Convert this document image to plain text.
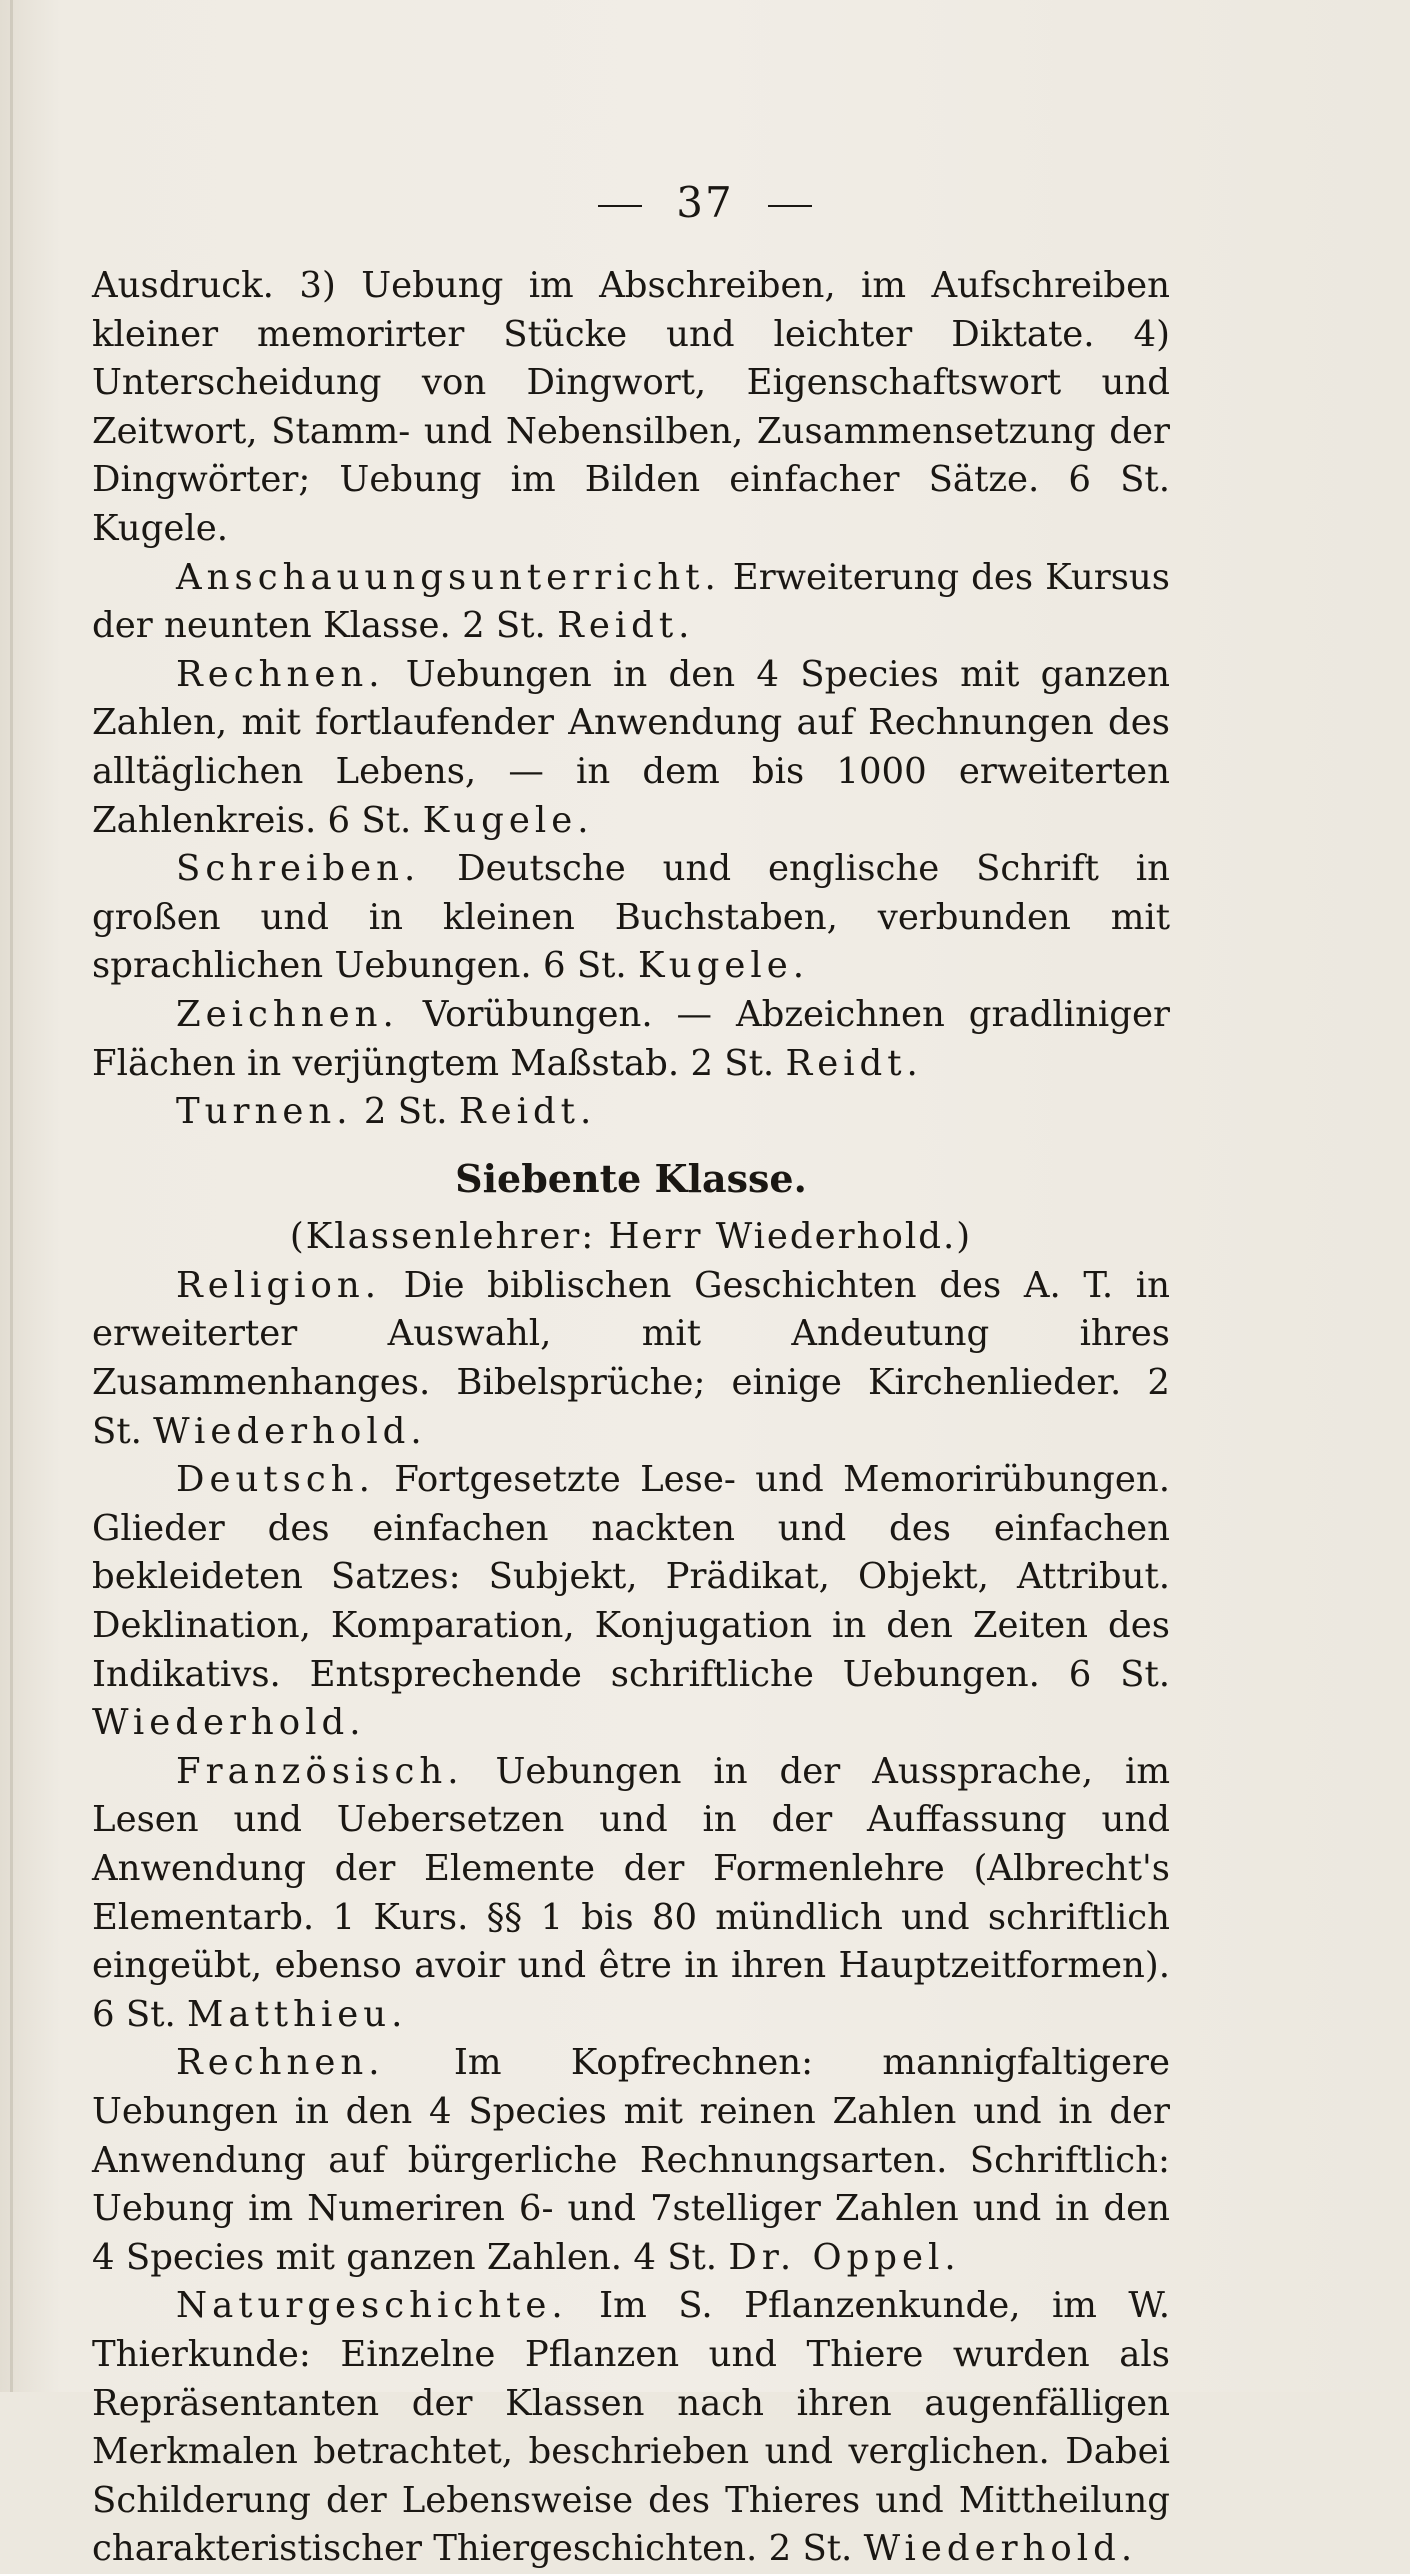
37

Ausdruck. 3) Uebung im Abschreiben, im Aufschreiben kleiner memorirter Stücke und leichter Diktate. 4) Unterscheidung von Dingwort, Eigenschaftswort und Zeitwort, Stamm- und Nebensilben, Zusammensetzung der Dingwörter; Uebung im Bilden einfacher Sätze. 6 St. Kugele.

Anschauungsunterricht. Erweiterung des Kursus der neunten Klasse. 2 St. Reidt.

Rechnen. Uebungen in den 4 Species mit ganzen Zahlen, mit fortlaufender Anwendung auf Rechnungen des alltäglichen Lebens, — in dem bis 1000 erweiterten Zahlenkreis. 6 St. Kugele.

Schreiben. Deutsche und englische Schrift in großen und in kleinen Buchstaben, verbunden mit sprachlichen Uebungen. 6 St. Kugele.

Zeichnen. Vorübungen. — Abzeichnen gradliniger Flächen in verjüngtem Maßstab. 2 St. Reidt.

Turnen. 2 St. Reidt.

Siebente Klasse.
(Klassenlehrer: Herr Wiederhold.)

Religion. Die biblischen Geschichten des A. T. in erweiterter Auswahl, mit Andeutung ihres Zusammenhanges. Bibelsprüche; einige Kirchenlieder. 2 St. Wiederhold.

Deutsch. Fortgesetzte Lese- und Memorirübungen. Glieder des einfachen nackten und des einfachen bekleideten Satzes: Subjekt, Prädikat, Objekt, Attribut. Deklination, Komparation, Konjugation in den Zeiten des Indikativs. Entsprechende schriftliche Uebungen. 6 St. Wiederhold.

Französisch. Uebungen in der Aussprache, im Lesen und Uebersetzen und in der Auffassung und Anwendung der Elemente der Formenlehre (Albrecht's Elementarb. 1 Kurs. §§ 1 bis 80 mündlich und schriftlich eingeübt, ebenso avoir und être in ihren Hauptzeitformen). 6 St. Matthieu.

Rechnen. Im Kopfrechnen: mannigfaltigere Uebungen in den 4 Species mit reinen Zahlen und in der Anwendung auf bürgerliche Rechnungsarten. Schriftlich: Uebung im Numeriren 6- und 7stelliger Zahlen und in den 4 Species mit ganzen Zahlen. 4 St. Dr. Oppel.

Naturgeschichte. Im S. Pflanzenkunde, im W. Thierkunde: Einzelne Pflanzen und Thiere wurden als Repräsentanten der Klassen nach ihren augenfälligen Merkmalen betrachtet, beschrieben und verglichen. Dabei Schilderung der Lebensweise des Thieres und Mittheilung charakteristischer Thiergeschichten. 2 St. Wiederhold.
